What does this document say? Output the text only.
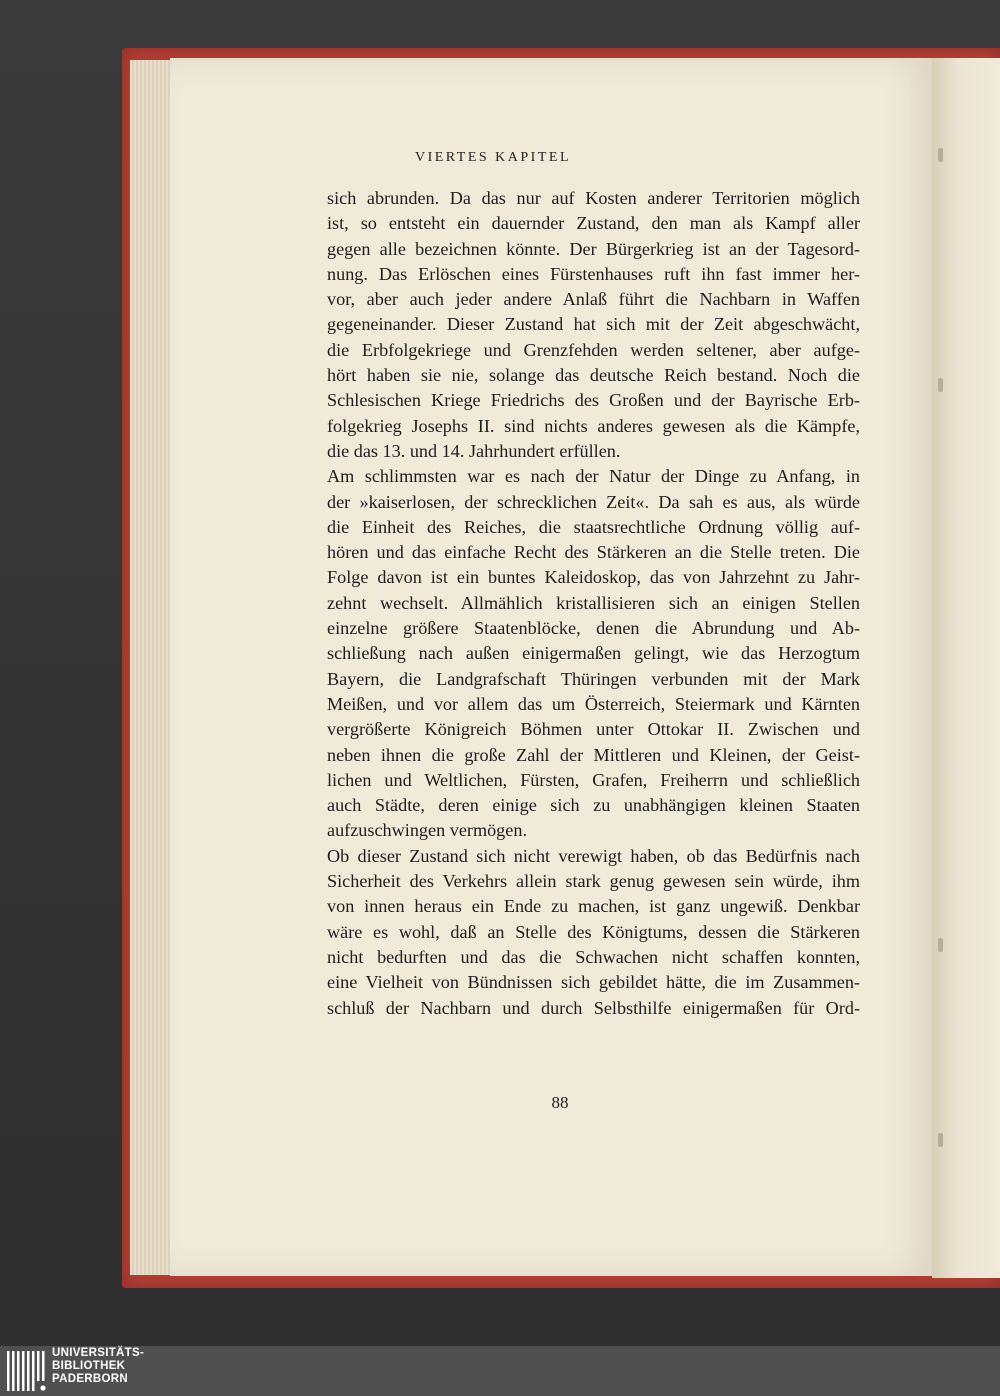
VIERTES KAPITEL
sich abrunden. Da das nur auf Kosten anderer Territorien möglich
ist, so entsteht ein dauernder Zustand, den man als Kampf aller
gegen alle bezeichnen könnte. Der Bürgerkrieg ist an der Tagesord-
nung. Das Erlöschen eines Fürstenhauses ruft ihn fast immer her-
vor, aber auch jeder andere Anlaß führt die Nachbarn in Waffen
gegeneinander. Dieser Zustand hat sich mit der Zeit abgeschwächt,
die Erbfolgekriege und Grenzfehden werden seltener, aber aufge-
hört haben sie nie, solange das deutsche Reich bestand. Noch die
Schlesischen Kriege Friedrichs des Großen und der Bayrische Erb-
folgekrieg Josephs II. sind nichts anderes gewesen als die Kämpfe,
die das 13. und 14. Jahrhundert erfüllen.
Am schlimmsten war es nach der Natur der Dinge zu Anfang, in
der »kaiserlosen, der schrecklichen Zeit«. Da sah es aus, als würde
die Einheit des Reiches, die staatsrechtliche Ordnung völlig auf-
hören und das einfache Recht des Stärkeren an die Stelle treten. Die
Folge davon ist ein buntes Kaleidoskop, das von Jahrzehnt zu Jahr-
zehnt wechselt. Allmählich kristallisieren sich an einigen Stellen
einzelne größere Staatenblöcke, denen die Abrundung und Ab-
schließung nach außen einigermaßen gelingt, wie das Herzogtum
Bayern, die Landgrafschaft Thüringen verbunden mit der Mark
Meißen, und vor allem das um Österreich, Steiermark und Kärnten
vergrößerte Königreich Böhmen unter Ottokar II. Zwischen und
neben ihnen die große Zahl der Mittleren und Kleinen, der Geist-
lichen und Weltlichen, Fürsten, Grafen, Freiherrn und schließlich
auch Städte, deren einige sich zu unabhängigen kleinen Staaten
aufzuschwingen vermögen.
Ob dieser Zustand sich nicht verewigt haben, ob das Bedürfnis nach
Sicherheit des Verkehrs allein stark genug gewesen sein würde, ihm
von innen heraus ein Ende zu machen, ist ganz ungewiß. Denkbar
wäre es wohl, daß an Stelle des Königtums, dessen die Stärkeren
nicht bedurften und das die Schwachen nicht schaffen konnten,
eine Vielheit von Bündnissen sich gebildet hätte, die im Zusammen-
schluß der Nachbarn und durch Selbsthilfe einigermaßen für Ord-
88
UNIVERSITÄTS-
BIBLIOTHEK
PADERBORN
